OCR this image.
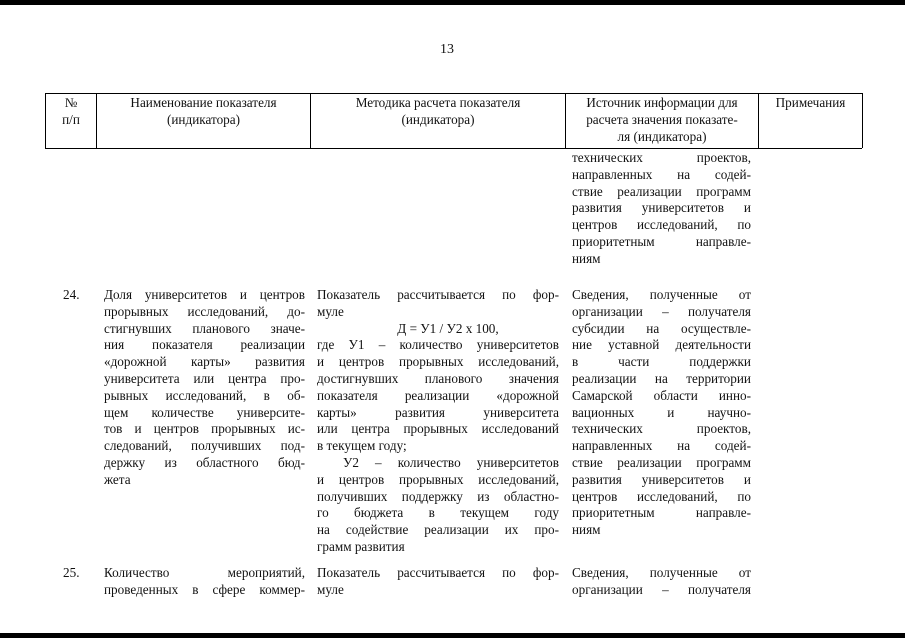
13
№
п/п
Наименование показателя
(индикатора)
Методика расчета показателя
(индикатора)
Источник информации для
расчета значения показате-
ля (индикатора)
Примечания
технических проектов,
направленных на содей-
ствие реализации программ
развития университетов и
центров исследований, по
приоритетным направле-
ниям
24. Доля университетов и центров
прорывных исследований, до-
стигнувших планового значе-
ния показателя реализации
«дорожной карты» развития
университета или центра про-
рывных исследований, в об-
щем количестве университе-
тов и центров прорывных ис-
следований, получивших под-
держку из областного бюд-
жета
Показатель рассчитывается по фор-
муле
Д = У1 / У2 x 100,
где У1 – количество университетов
и центров прорывных исследований,
достигнувших планового значения
показателя реализации «дорожной
карты» развития университета
или центра прорывных исследований
в текущем году;
У2 – количество университетов
и центров прорывных исследований,
получивших поддержку из областно-
го бюджета в текущем году
на содействие реализации их про-
грамм развития
Сведения, полученные от
организации – получателя
субсидии на осуществле-
ние уставной деятельности
в части поддержки
реализации на территории
Самарской области инно-
вационных и научно-
технических проектов,
направленных на содей-
ствие реализации программ
развития университетов и
центров исследований, по
приоритетным направле-
ниям
25. Количество мероприятий,
проведенных в сфере коммер-
Показатель рассчитывается по фор-
муле
Сведения, полученные от
организации – получателя
